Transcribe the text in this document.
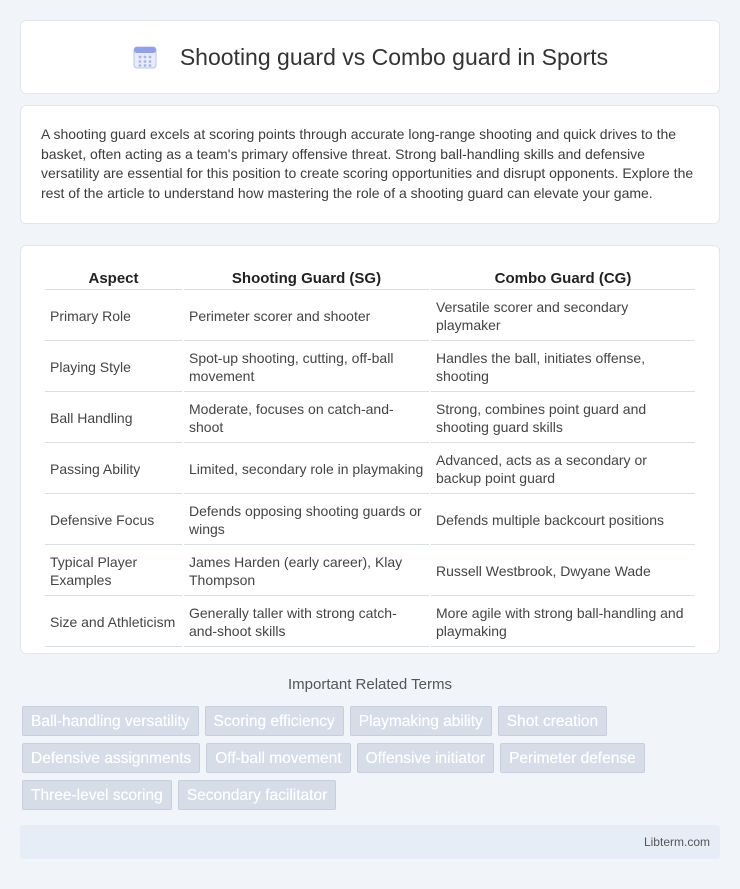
Shooting guard vs Combo guard in Sports

A shooting guard excels at scoring points through accurate long-range shooting and quick drives to the basket, often acting as a team's primary offensive threat. Strong ball-handling skills and defensive versatility are essential for this position to create scoring opportunities and disrupt opponents. Explore the rest of the article to understand how mastering the role of a shooting guard can elevate your game.

Aspect	Shooting Guard (SG)	Combo Guard (CG)
Primary Role	Perimeter scorer and shooter	Versatile scorer and secondary playmaker
Playing Style	Spot-up shooting, cutting, off-ball movement	Handles the ball, initiates offense, shooting
Ball Handling	Moderate, focuses on catch-and-shoot	Strong, combines point guard and shooting guard skills
Passing Ability	Limited, secondary role in playmaking	Advanced, acts as a secondary or backup point guard
Defensive Focus	Defends opposing shooting guards or wings	Defends multiple backcourt positions
Typical Player Examples	James Harden (early career), Klay Thompson	Russell Westbrook, Dwyane Wade
Size and Athleticism	Generally taller with strong catch-and-shoot skills	More agile with strong ball-handling and playmaking
Important Related Terms
Ball-handling versatility	Scoring efficiency	Playmaking ability	Shot creation
Defensive assignments	Off-ball movement	Offensive initiator	Perimeter defense
Three-level scoring	Secondary facilitator
Libterm.com
